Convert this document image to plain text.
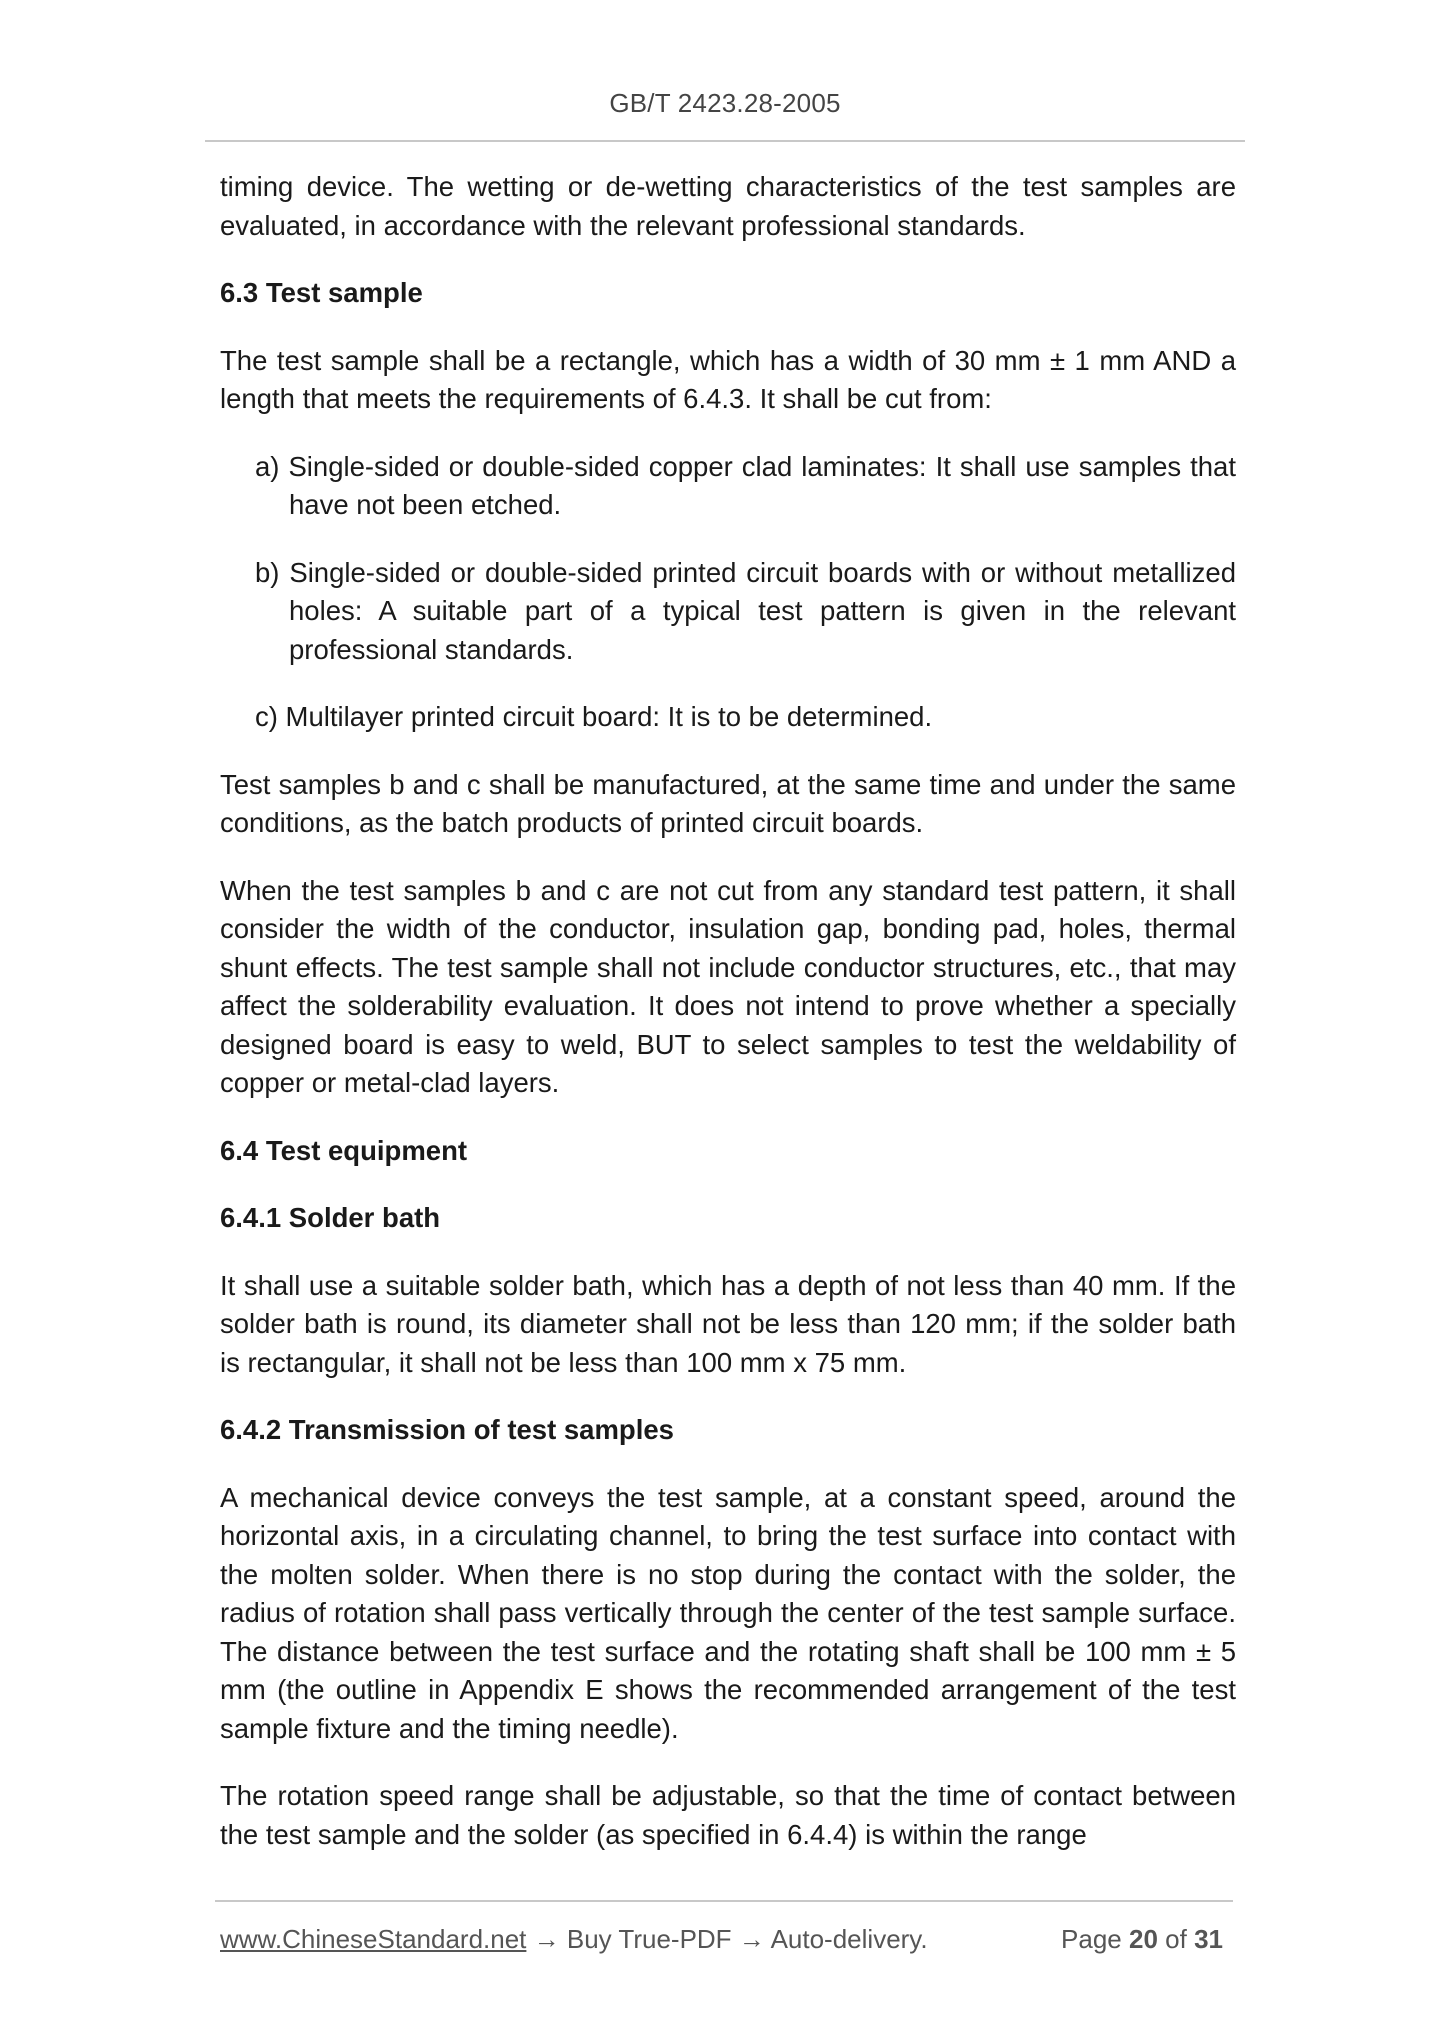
GB/T 2423.28-2005

timing device. The wetting or de-wetting characteristics of the test samples are evaluated, in accordance with the relevant professional standards.

6.3 Test sample

The test sample shall be a rectangle, which has a width of 30 mm ± 1 mm AND a length that meets the requirements of 6.4.3. It shall be cut from:

a) Single-sided or double-sided copper clad laminates: It shall use samples that have not been etched.

b) Single-sided or double-sided printed circuit boards with or without metallized holes: A suitable part of a typical test pattern is given in the relevant professional standards.

c) Multilayer printed circuit board: It is to be determined.

Test samples b and c shall be manufactured, at the same time and under the same conditions, as the batch products of printed circuit boards.

When the test samples b and c are not cut from any standard test pattern, it shall consider the width of the conductor, insulation gap, bonding pad, holes, thermal shunt effects. The test sample shall not include conductor structures, etc., that may affect the solderability evaluation. It does not intend to prove whether a specially designed board is easy to weld, BUT to select samples to test the weldability of copper or metal-clad layers.

6.4 Test equipment
6.4.1 Solder bath

It shall use a suitable solder bath, which has a depth of not less than 40 mm. If the solder bath is round, its diameter shall not be less than 120 mm; if the solder bath is rectangular, it shall not be less than 100 mm x 75 mm.

6.4.2 Transmission of test samples

A mechanical device conveys the test sample, at a constant speed, around the horizontal axis, in a circulating channel, to bring the test surface into contact with the molten solder. When there is no stop during the contact with the solder, the radius of rotation shall pass vertically through the center of the test sample surface. The distance between the test surface and the rotating shaft shall be 100 mm ± 5 mm (the outline in Appendix E shows the recommended arrangement of the test sample fixture and the timing needle).

The rotation speed range shall be adjustable, so that the time of contact between the test sample and the solder (as specified in 6.4.4) is within the range

www.ChineseStandard.net → Buy True-PDF → Auto-delivery.	Page 20 of 31
